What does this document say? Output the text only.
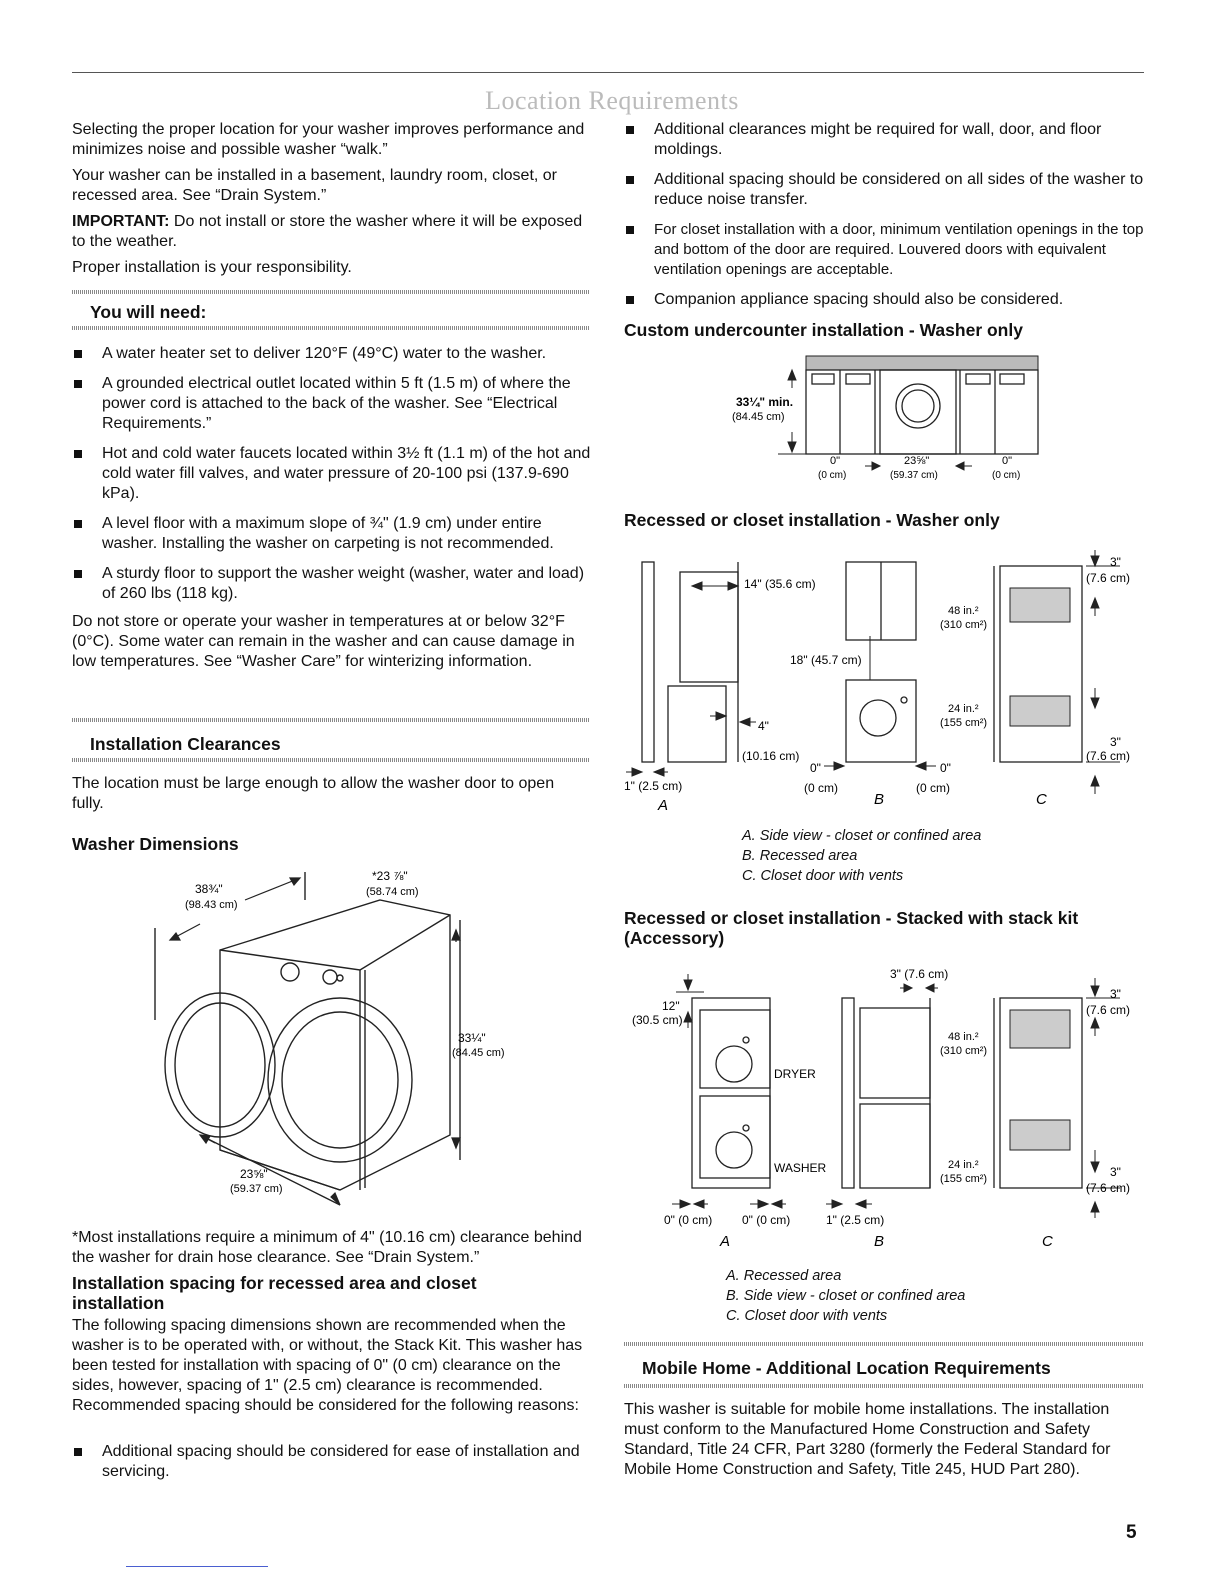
Location Requirements

Selecting the proper location for your washer improves performance and minimizes noise and possible washer “walk.”

Your washer can be installed in a basement, laundry room, closet, or recessed area. See “Drain System.”

IMPORTANT: Do not install or store the washer where it will be exposed to the weather.

Proper installation is your responsibility.

You will need:
A water heater set to deliver 120°F (49°C) water to the washer.
A grounded electrical outlet located within 5 ft (1.5 m) of where the power cord is attached to the back of the washer. See “Electrical Requirements.”
Hot and cold water faucets located within 3½ ft (1.1 m) of the hot and cold water fill valves, and water pressure of 20-100 psi (137.9-690 kPa).
A level floor with a maximum slope of ¾" (1.9 cm) under entire washer. Installing the washer on carpeting is not recommended.
A sturdy floor to support the washer weight (washer, water and load) of 260 lbs (118 kg).

Do not store or operate your washer in temperatures at or below 32°F (0°C). Some water can remain in the washer and can cause damage in low temperatures. See “Washer Care” for winterizing information.

Installation Clearances

The location must be large enough to allow the washer door to open fully.

Washer Dimensions
38¾"
(98.43 cm)
*23 ⅞"
(58.74 cm)
33¼"
(84.45 cm)
23⅝"
(59.37 cm)

*Most installations require a minimum of 4" (10.16 cm) clearance behind the washer for drain hose clearance. See “Drain System.”

Installation spacing for recessed area and closet installation

The following spacing dimensions shown are recommended when the washer is to be operated with, or without, the Stack Kit. This washer has been tested for installation with spacing of 0" (0 cm) clearance on the sides, however, spacing of 1" (2.5 cm) clearance is recommended. Recommended spacing should be considered for the following reasons:

Additional spacing should be considered for ease of installation and servicing.
Additional clearances might be required for wall, door, and floor moldings.
Additional spacing should be considered on all sides of the washer to reduce noise transfer.
For closet installation with a door, minimum ventilation openings in the top and bottom of the door are required. Louvered doors with equivalent ventilation openings are acceptable.
Companion appliance spacing should also be considered.
Custom undercounter installation - Washer only
33¼" min.
(84.45 cm)
0"
(0 cm)
23⅝"
(59.37 cm)
0"
(0 cm)
Recessed or closet installation - Washer only
14" (35.6 cm)
18" (45.7 cm)
4"
(10.16 cm)
1" (2.5 cm)
0"
(0 cm)
0"
(0 cm)
48 in.²
(310 cm²)
24 in.²
(155 cm²)
3"
(7.6 cm)
3"
(7.6 cm)
A	B	C
A. Side view - closet or confined area
B. Recessed area
C. Closet door with vents
Recessed or closet installation - Stacked with stack kit (Accessory)
12"
(30.5 cm)
DRYER
WASHER
3" (7.6 cm)
0" (0 cm) 0" (0 cm)	1" (2.5 cm)
48 in.²
(310 cm²)
24 in.²
(155 cm²)
3"
(7.6 cm)
3"
(7.6 cm)
A	B	C
A. Recessed area
B. Side view - closet or confined area
C. Closet door with vents
Mobile Home - Additional Location Requirements

This washer is suitable for mobile home installations. The installation must conform to the Manufactured Home Construction and Safety Standard, Title 24 CFR, Part 3280 (formerly the Federal Standard for Mobile Home Construction and Safety, Title 245, HUD Part 280).

5
